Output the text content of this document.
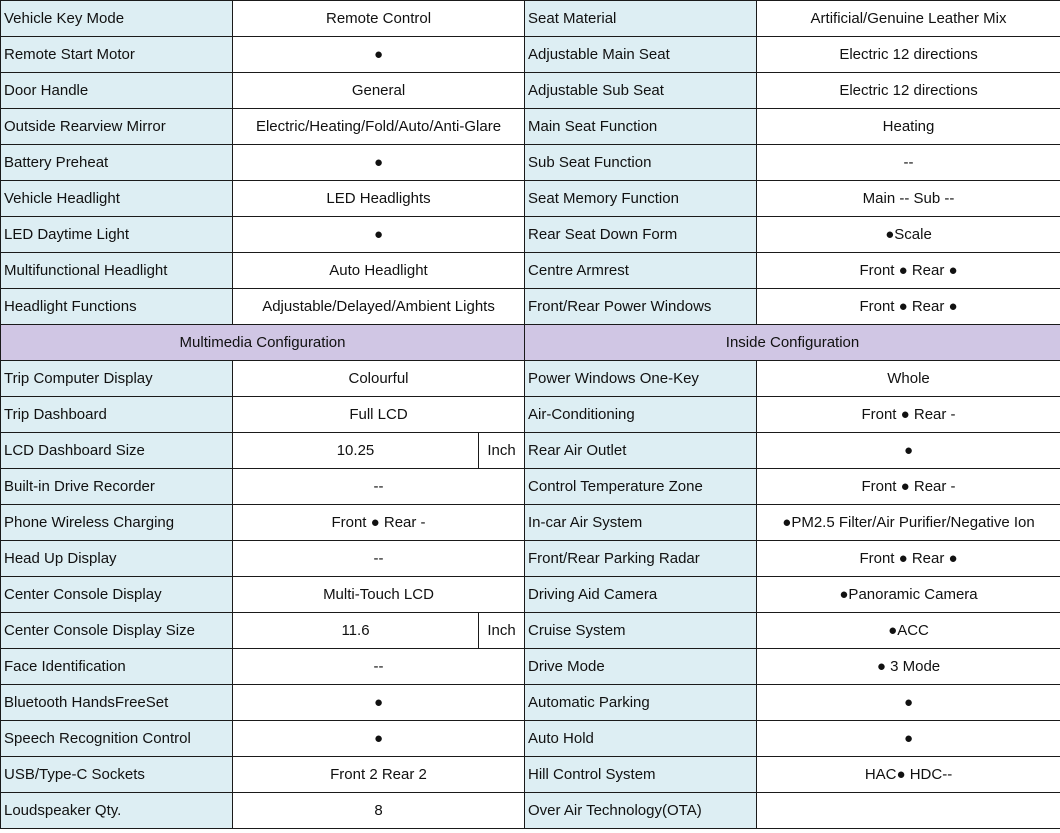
Vehicle Key Mode	Remote Control		Seat Material	Artificial/Genuine Leather Mix
Remote Start Motor	●		Adjustable Main Seat	Electric 12 directions
Door Handle	General		Adjustable Sub Seat	Electric 12 directions
Outside Rearview Mirror	Electric/Heating/Fold/Auto/Anti-Glare		Main Seat Function	Heating
Battery Preheat	●		Sub Seat Function	--
Vehicle Headlight	LED Headlights		Seat Memory Function	Main -- Sub --
LED Daytime Light	●		Rear Seat Down Form	●Scale
Multifunctional Headlight	Auto Headlight		Centre Armrest	Front ● Rear ●
Headlight Functions	Adjustable/Delayed/Ambient Lights		Front/Rear Power Windows	Front ● Rear ●
Multimedia Configuration			Inside Configuration	
Trip Computer Display	Colourful		Power Windows One-Key	Whole
Trip Dashboard	Full LCD		Air-Conditioning	Front ● Rear -
LCD Dashboard Size	10.25	Inch	Rear Air Outlet	●
Built-in Drive Recorder	--		Control Temperature Zone	Front ● Rear -
Phone Wireless Charging	Front ● Rear -		In-car Air System	●PM2.5 Filter/Air Purifier/Negative Ion
Head Up Display	--		Front/Rear Parking Radar	Front ● Rear ●
Center Console Display	Multi-Touch LCD		Driving Aid Camera	●Panoramic Camera
Center Console Display Size	11.6	Inch	Cruise System	●ACC
Face Identification	--		Drive Mode	● 3 Mode
Bluetooth HandsFreeSet	●		Automatic Parking	●
Speech Recognition Control	●		Auto Hold	●
USB/Type-C Sockets	Front 2 Rear 2		Hill Control System	HAC● HDC--
Loudspeaker Qty.	8		Over Air Technology(OTA)	
